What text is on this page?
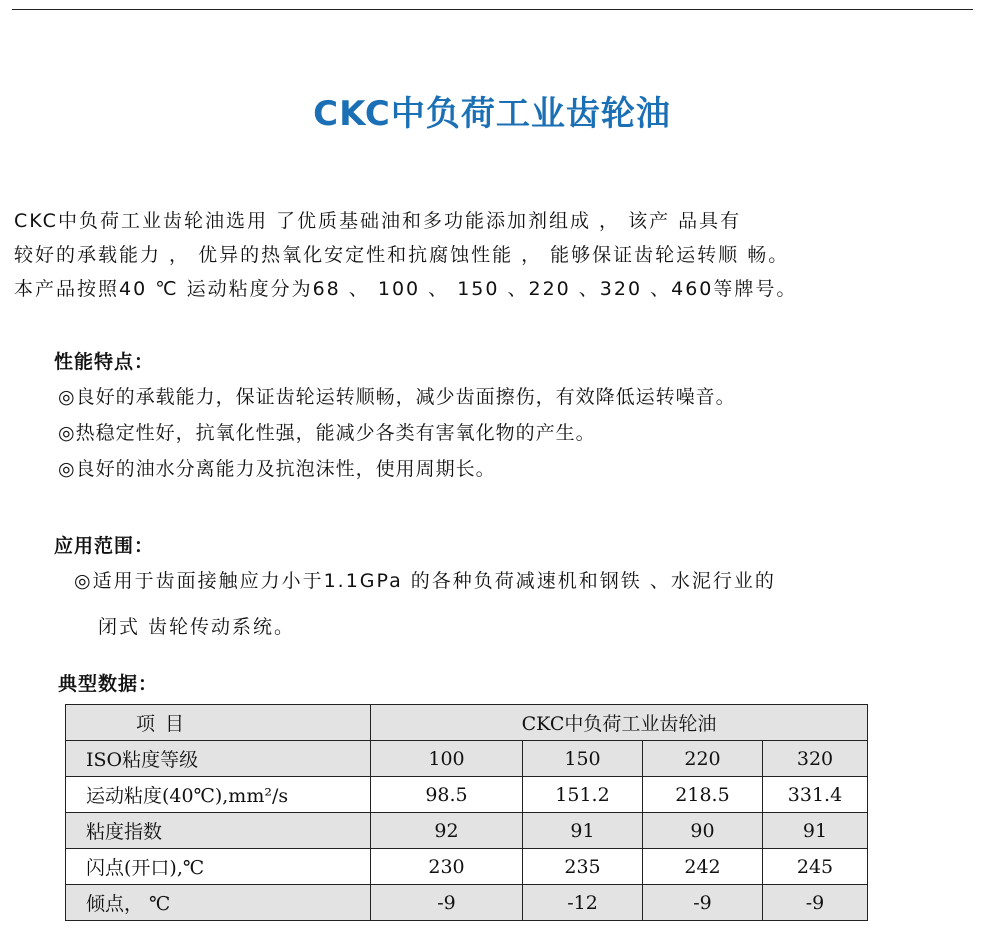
CKC中负荷工业齿轮油

CKC中负荷工业齿轮油选用 了优质基础油和多功能添加剂组成 ， 该产 品具有

较好的承载能力 ， 优异的热氧化安定性和抗腐蚀性能 ， 能够保证齿轮运转顺 畅。

本产品按照40 ℃ 运动粘度分为68 、 100 、 150 、220 、320 、460等牌号。

性能特点：

◎良好的承载能力，保证齿轮运转顺畅，减少齿面擦伤，有效降低运转噪音。

◎热稳定性好，抗氧化性强，能减少各类有害氧化物的产生。

◎良好的油水分离能力及抗泡沫性，使用周期长。

应用范围：

◎适用于齿面接触应力小于1.1GPa 的各种负荷减速机和钢铁 、水泥行业的

闭式 齿轮传动系统。

典型数据：
项 目	CKC中负荷工业齿轮油			
ISO粘度等级	100	150	220	320
运动粘度(40℃),mm²/s	98.5	151.2	218.5	331.4
粘度指数	92	91	90	91
闪点(开口),℃	230	235	242	245
倾点， ℃	-9	-12	-9	-9
